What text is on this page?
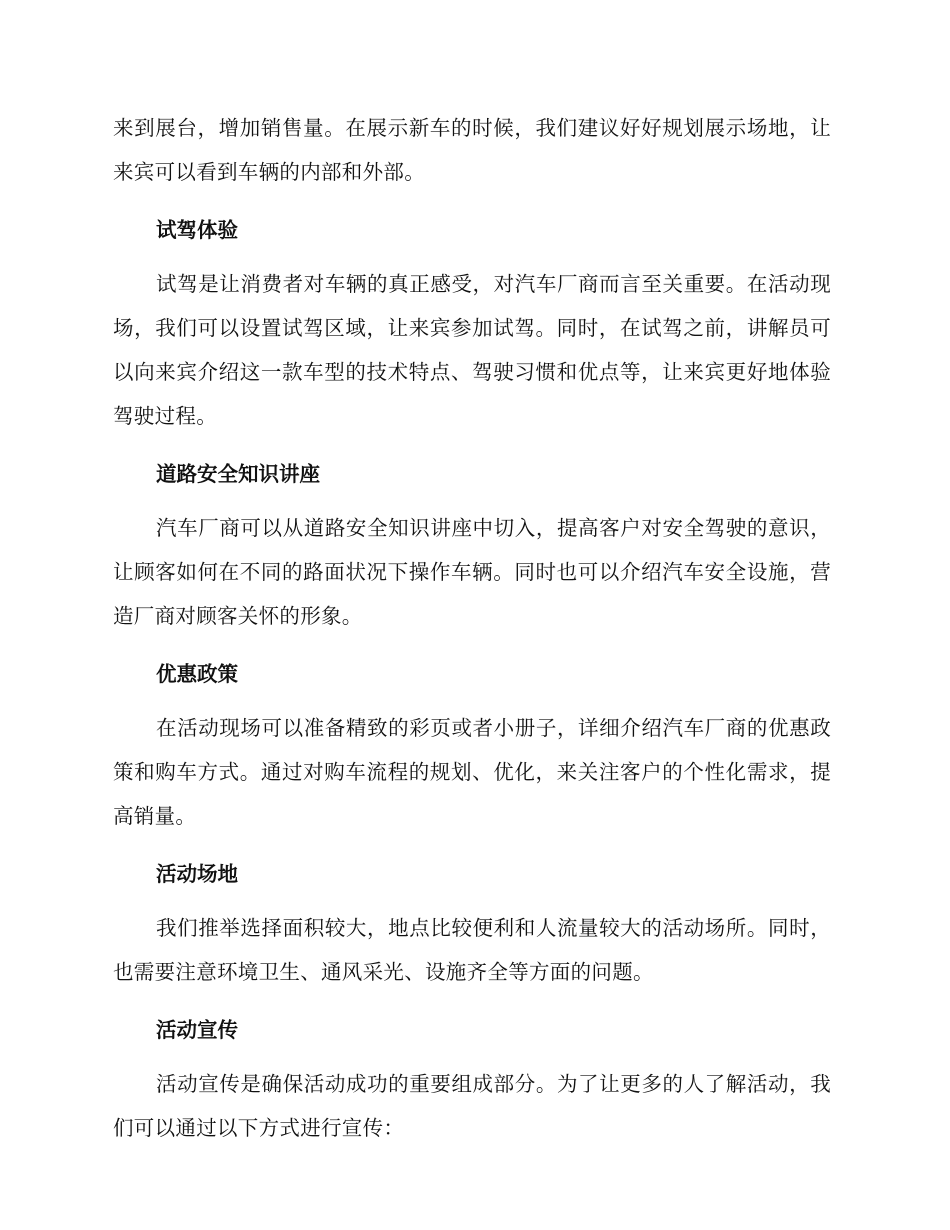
来到展台，增加销售量。在展示新车的时候，我们建议好好规划展示场地，让来宾可以看到车辆的内部和外部。

试驾体验

试驾是让消费者对车辆的真正感受，对汽车厂商而言至关重要。在活动现场，我们可以设置试驾区域，让来宾参加试驾。同时，在试驾之前，讲解员可以向来宾介绍这一款车型的技术特点、驾驶习惯和优点等，让来宾更好地体验驾驶过程。

道路安全知识讲座

汽车厂商可以从道路安全知识讲座中切入，提高客户对安全驾驶的意识，让顾客如何在不同的路面状况下操作车辆。同时也可以介绍汽车安全设施，营造厂商对顾客关怀的形象。

优惠政策

在活动现场可以准备精致的彩页或者小册子，详细介绍汽车厂商的优惠政策和购车方式。通过对购车流程的规划、优化，来关注客户的个性化需求，提高销量。

活动场地

我们推举选择面积较大，地点比较便利和人流量较大的活动场所。同时，也需要注意环境卫生、通风采光、设施齐全等方面的问题。

活动宣传

活动宣传是确保活动成功的重要组成部分。为了让更多的人了解活动，我们可以通过以下方式进行宣传：
